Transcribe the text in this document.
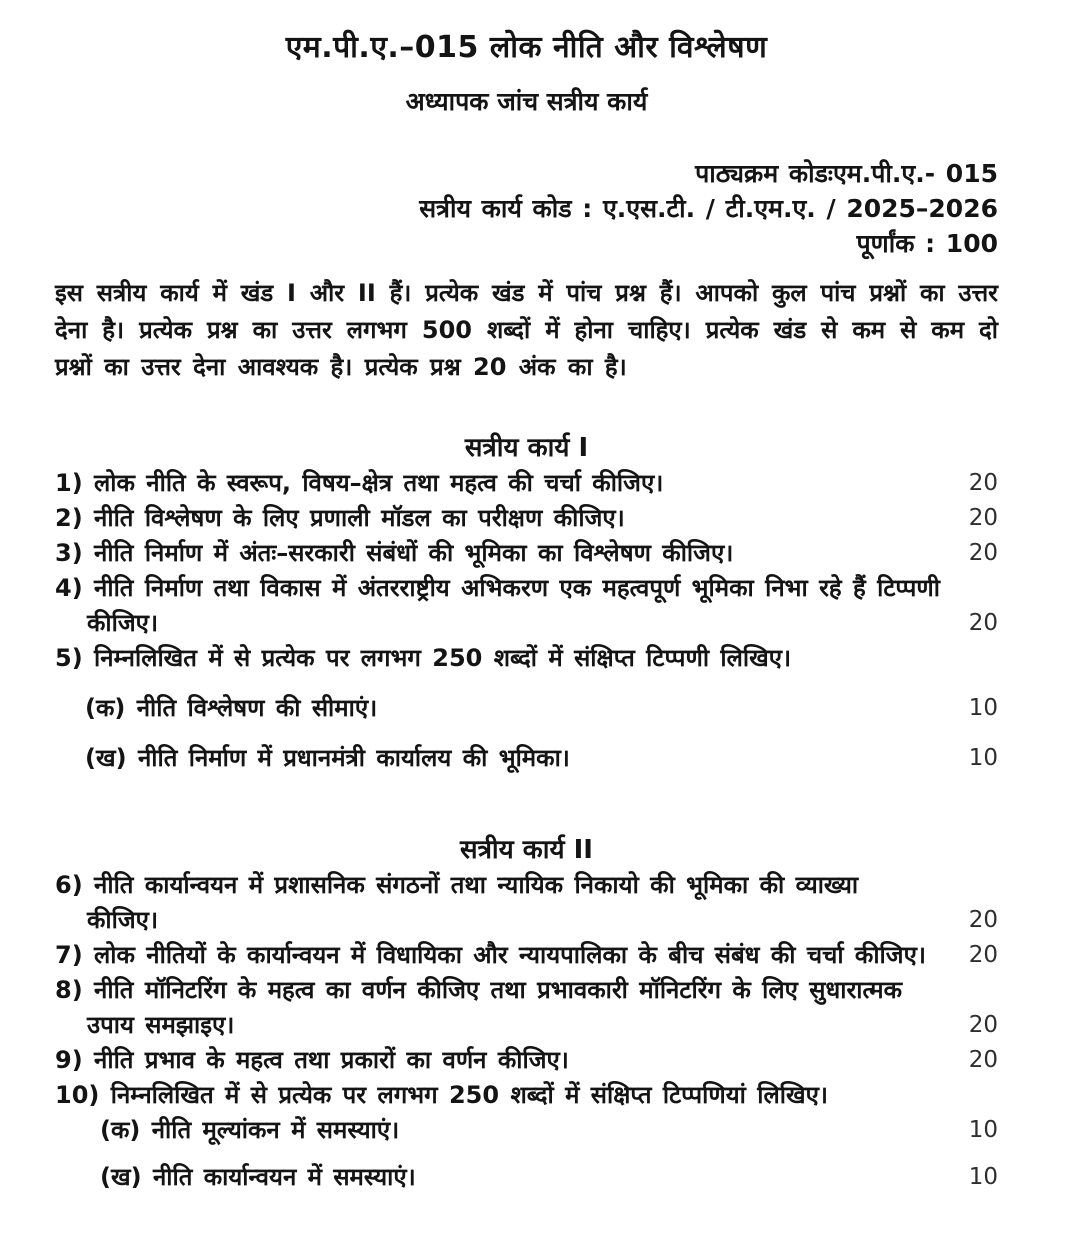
एम.पी.ए.–015 लोक नीति और विश्लेषण
अध्यापक जांच सत्रीय कार्य
पाठ्यक्रम कोडःएम.पी.ए.- 015
सत्रीय कार्य कोड : ए.एस.टी. / टी.एम.ए. / 2025–2026
पूर्णांक : 100

इस सत्रीय कार्य में खंड I और II हैं। प्रत्येक खंड में पांच प्रश्न हैं। आपको कुल पांच प्रश्नों का उत्तर देना है। प्रत्येक प्रश्न का उत्तर लगभग 500 शब्दों में होना चाहिए। प्रत्येक खंड से कम से कम दो प्रश्नों का उत्तर देना आवश्यक है। प्रत्येक प्रश्न 20 अंक का है।

सत्रीय कार्य I
1) लोक नीति के स्वरूप, विषय–क्षेत्र तथा महत्व की चर्चा कीजिए।	20
2) नीति विश्लेषण के लिए प्रणाली मॉडल का परीक्षण कीजिए।	20
3) नीति निर्माण में अंतः–सरकारी संबंधों की भूमिका का विश्लेषण कीजिए।	20
4) नीति निर्माण तथा विकास में अंतरराष्ट्रीय अभिकरण एक महत्वपूर्ण भूमिका निभा रहे हैं टिप्पणी कीजिए।	20
5) निम्नलिखित में से प्रत्येक पर लगभग 250 शब्दों में संक्षिप्त टिप्पणी लिखिए।
(क) नीति विश्लेषण की सीमाएं।	10
(ख) नीति निर्माण में प्रधानमंत्री कार्यालय की भूमिका।	10
सत्रीय कार्य II
6) नीति कार्यान्वयन में प्रशासनिक संगठनों तथा न्यायिक निकायो की भूमिका की व्याख्या कीजिए।	20
7) लोक नीतियों के कार्यान्वयन में विधायिका और न्यायपालिका के बीच संबंध की चर्चा कीजिए।	20
8) नीति मॉनिटरिंग के महत्व का वर्णन कीजिए तथा प्रभावकारी मॉनिटरिंग के लिए सुधारात्मक उपाय समझाइए।	20
9) नीति प्रभाव के महत्व तथा प्रकारों का वर्णन कीजिए।	20
10) निम्नलिखित में से प्रत्येक पर लगभग 250 शब्दों में संक्षिप्त टिप्पणियां लिखिए।
(क) नीति मूल्यांकन में समस्याएं।	10
(ख) नीति कार्यान्वयन में समस्याएं।	10
